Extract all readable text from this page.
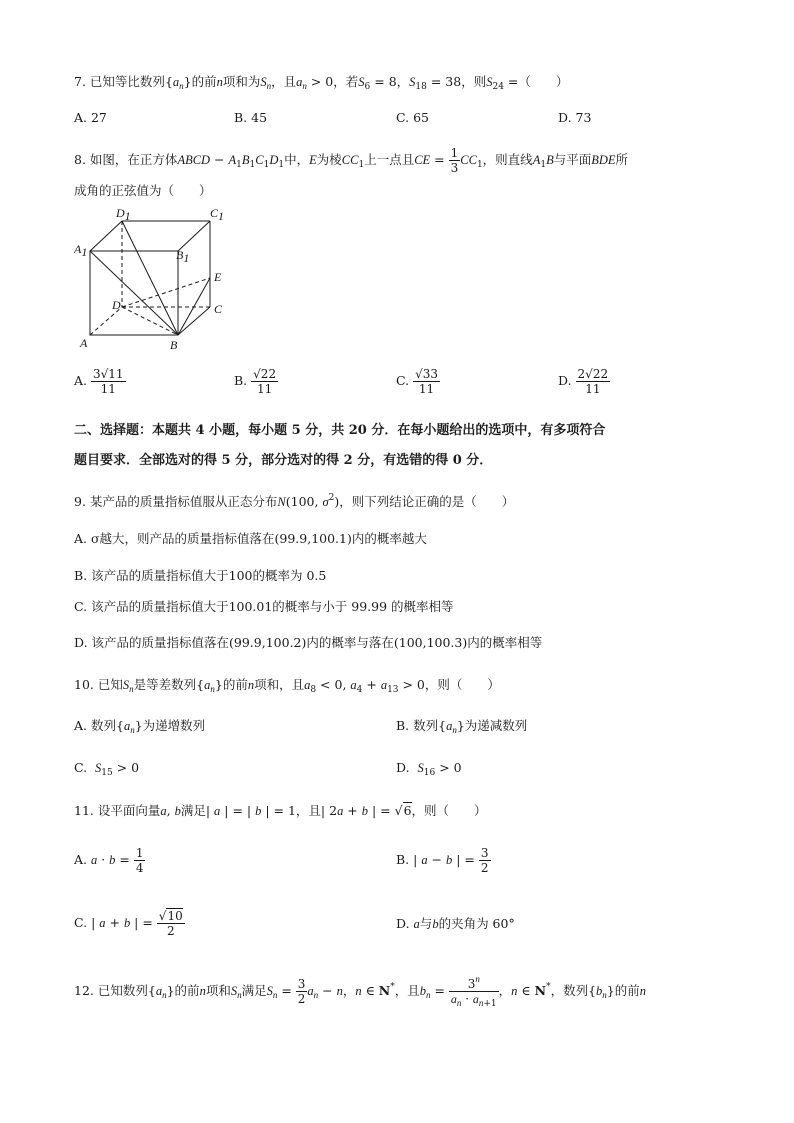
7. 已知等比数列$\{a_n\}$的前n项和为$S_n$，且$a_n > 0$，若$S_6 = 8$，$S_{18} = 38$，则$S_{24}$ =（　　）
A. 27	B. 45	C. 65	D. 73
8. 如图，在正方体ABCD − $A_1B_1C_1D_1$中，E为棱$CC_1$上一点且CE = $\frac{1}{3} CC_1$，则直线$A_1B$与平面BDE所
成角的正弦值为（　　）
D1	C1
A1	B1
E
D	C
A	B
A. $\frac{3√11}{11}$	B. $\frac{√22}{11}$	C. $\frac{√33}{11}$	D. $\frac{2√22}{11}$
二、选择题：本题共 4 小题，每小题 5 分，共 20 分．在每小题给出的选项中，有多项符合
题目要求．全部选对的得 5 分，部分选对的得 2 分，有选错的得 0 分．
9. 某产品的质量指标值服从正态分布N(100, $\sigma^2$)，则下列结论正确的是（　　）
A. σ越大，则产品的质量指标值落在(99.9,100.1)内的概率越大
B. 该产品的质量指标值大于100的概率为 0.5
C. 该产品的质量指标值大于100.01的概率与小于 99.99 的概率相等
D. 该产品的质量指标值落在(99.9,100.2)内的概率与落在(100,100.3)内的概率相等
10. 已知$S_n$是等差数列$\{a_n\}$的前n项和，且$a_8 < 0$, $a_4 + a_{13} > 0$，则（　　）
A. 数列$\{a_n\}$为递增数列	B. 数列$\{a_n\}$为递减数列
C. $S_{15} > 0$	D. $S_{16} > 0$
11. 设平面向量a, b满足| a | = | b | = 1，且| 2a + b | = √6，则（　　）
A. $a \cdot b = \frac{1}{4}$	B. | a − b | = $\frac{3}{2}$
C. | a + b | = $\frac{√10}{2}$	D. a与b的夹角为 60°
12. 已知数列$\{a_n\}$的前n项和$S_n$满足$S_n = \frac{3}{2} a_n - n$，n ∈ N*，且$b_n = \frac{3^n}{a_n \cdot a_{n+1}}$ ，n ∈ N*，数列$\{b_n\}$的前n
